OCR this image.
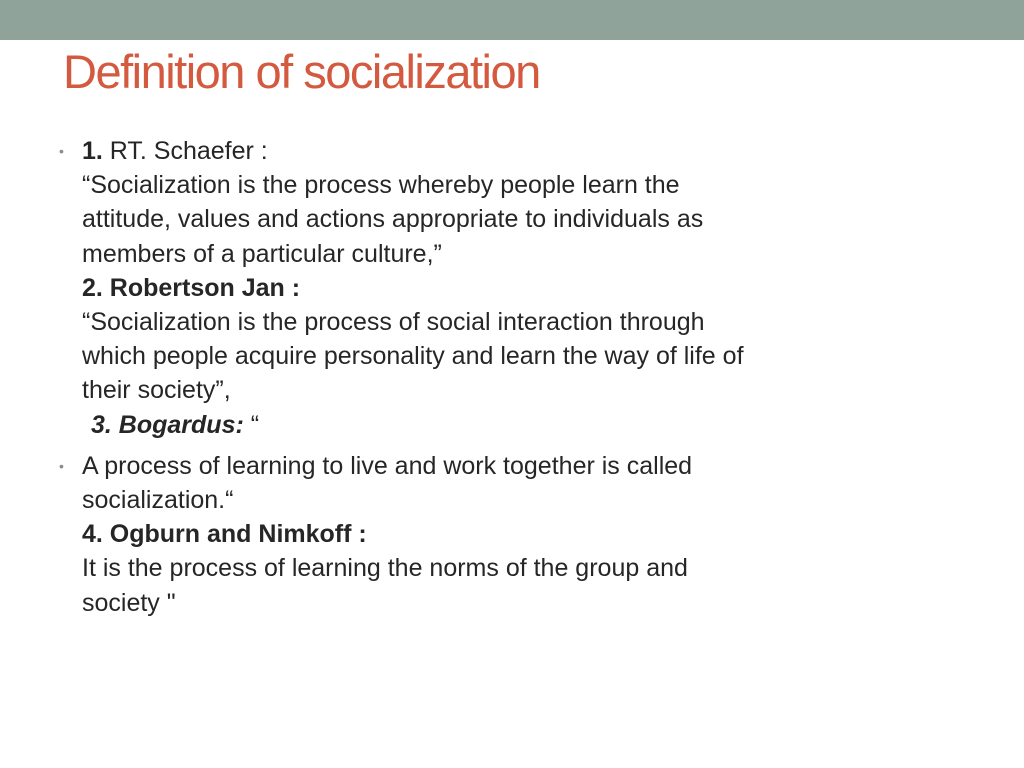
Definition of socialization
• 1. RT. Schaefer :
“Socialization is the process whereby people learn the
attitude, values and actions appropriate to individuals as
members of a particular culture,”
2. Robertson Jan :
“Socialization is the process of social interaction through
which people acquire personality and learn the way of life of
their society”,
3. Bogardus: “
• A process of learning to live and work together is called
socialization.“
4. Ogburn and Nimkoff :
It is the process of learning the norms of the group and
society "
